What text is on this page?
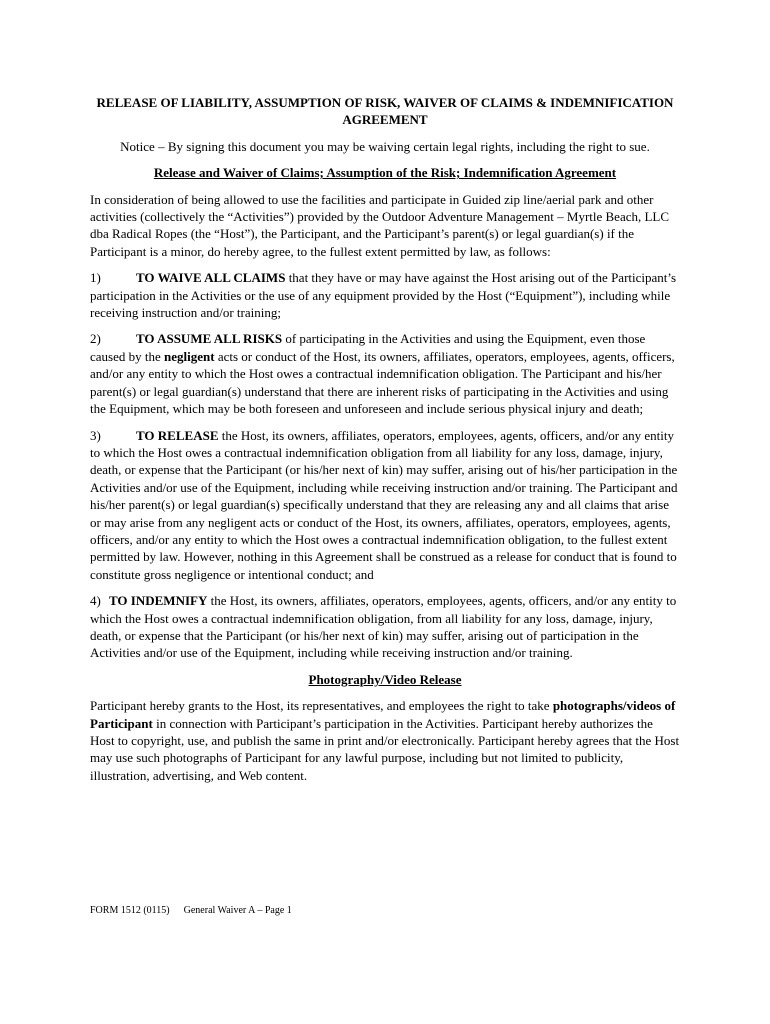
RELEASE OF LIABILITY, ASSUMPTION OF RISK, WAIVER OF CLAIMS & INDEMNIFICATION AGREEMENT

Notice – By signing this document you may be waiving certain legal rights, including the right to sue.

Release and Waiver of Claims; Assumption of the Risk; Indemnification Agreement

In consideration of being allowed to use the facilities and participate in Guided zip line/aerial park and other activities (collectively the “Activities”) provided by the Outdoor Adventure Management – Myrtle Beach, LLC dba Radical Ropes (the “Host”), the Participant, and the Participant’s parent(s) or legal guardian(s) if the Participant is a minor, do hereby agree, to the fullest extent permitted by law, as follows:

1)	TO WAIVE ALL CLAIMS that they have or may have against the Host arising out of the Participant’s participation in the Activities or the use of any equipment provided by the Host (“Equipment”), including while receiving instruction and/or training;

2)	TO ASSUME ALL RISKS of participating in the Activities and using the Equipment, even those caused by the negligent acts or conduct of the Host, its owners, affiliates, operators, employees, agents, officers, and/or any entity to which the Host owes a contractual indemnification obligation. The Participant and his/her parent(s) or legal guardian(s) understand that there are inherent risks of participating in the Activities and using the Equipment, which may be both foreseen and unforeseen and include serious physical injury and death;

3)	TO RELEASE the Host, its owners, affiliates, operators, employees, agents, officers, and/or any entity to which the Host owes a contractual indemnification obligation from all liability for any loss, damage, injury, death, or expense that the Participant (or his/her next of kin) may suffer, arising out of his/her participation in the Activities and/or use of the Equipment, including while receiving instruction and/or training. The Participant and his/her parent(s) or legal guardian(s) specifically understand that they are releasing any and all claims that arise or may arise from any negligent acts or conduct of the Host, its owners, affiliates, operators, employees, agents, officers, and/or any entity to which the Host owes a contractual indemnification obligation, to the fullest extent permitted by law. However, nothing in this Agreement shall be construed as a release for conduct that is found to constitute gross negligence or intentional conduct; and

4) TO INDEMNIFY the Host, its owners, affiliates, operators, employees, agents, officers, and/or any entity to which the Host owes a contractual indemnification obligation, from all liability for any loss, damage, injury, death, or expense that the Participant (or his/her next of kin) may suffer, arising out of participation in the Activities and/or use of the Equipment, including while receiving instruction and/or training.

Photography/Video Release

Participant hereby grants to the Host, its representatives, and employees the right to take photographs/videos of Participant in connection with Participant’s participation in the Activities. Participant hereby authorizes the Host to copyright, use, and publish the same in print and/or electronically. Participant hereby agrees that the Host may use such photographs of Participant for any lawful purpose, including but not limited to publicity, illustration, advertising, and Web content.

FORM 1512 (0115) General Waiver A – Page 1
